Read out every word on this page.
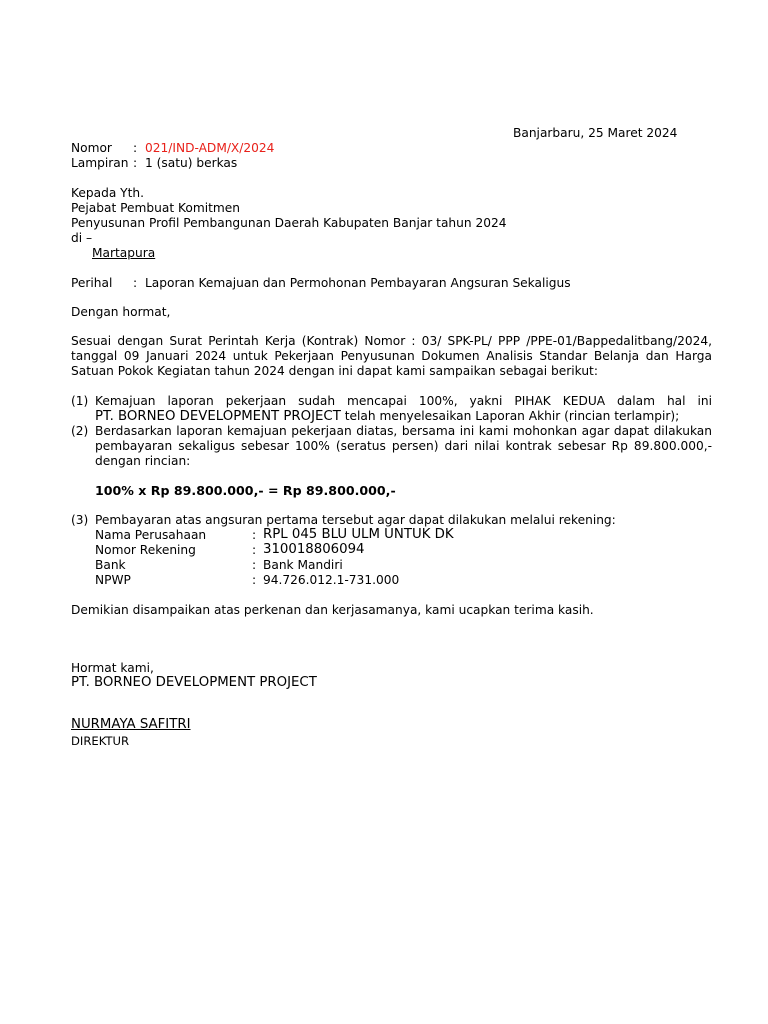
Banjarbaru, 25 Maret 2024
Nomor : 021/IND-ADM/X/2024
Lampiran : 1 (satu) berkas
Kepada Yth.
Pejabat Pembuat Komitmen
Penyusunan Profil Pembangunan Daerah Kabupaten Banjar tahun 2024
di –
Martapura
Perihal : Laporan Kemajuan dan Permohonan Pembayaran Angsuran Sekaligus
Dengan hormat,
Sesuai dengan Surat Perintah Kerja (Kontrak) Nomor : 03/ SPK-PL/ PPP /PPE-01/Bappedalitbang/2024,
tanggal 09 Januari 2024 untuk Pekerjaan Penyusunan Dokumen Analisis Standar Belanja dan Harga
Satuan Pokok Kegiatan tahun 2024 dengan ini dapat kami sampaikan sebagai berikut:
(1) Kemajuan laporan pekerjaan sudah mencapai 100%, yakni PIHAK KEDUA dalam hal ini
PT. BORNEO DEVELOPMENT PROJECT telah menyelesaikan Laporan Akhir (rincian terlampir);
(2) Berdasarkan laporan kemajuan pekerjaan diatas, bersama ini kami mohonkan agar dapat dilakukan
pembayaran sekaligus sebesar 100% (seratus persen) dari nilai kontrak sebesar Rp 89.800.000,-
dengan rincian:
100% x Rp 89.800.000,- = Rp 89.800.000,-
(3) Pembayaran atas angsuran pertama tersebut agar dapat dilakukan melalui rekening:
Nama Perusahaan	: RPL 045 BLU ULM UNTUK DK
Nomor Rekening	: 310018806094
Bank	: Bank Mandiri
NPWP	: 94.726.012.1-731.000
Demikian disampaikan atas perkenan dan kerjasamanya, kami ucapkan terima kasih.
Hormat kami,
PT. BORNEO DEVELOPMENT PROJECT
NURMAYA SAFITRI
DIREKTUR
